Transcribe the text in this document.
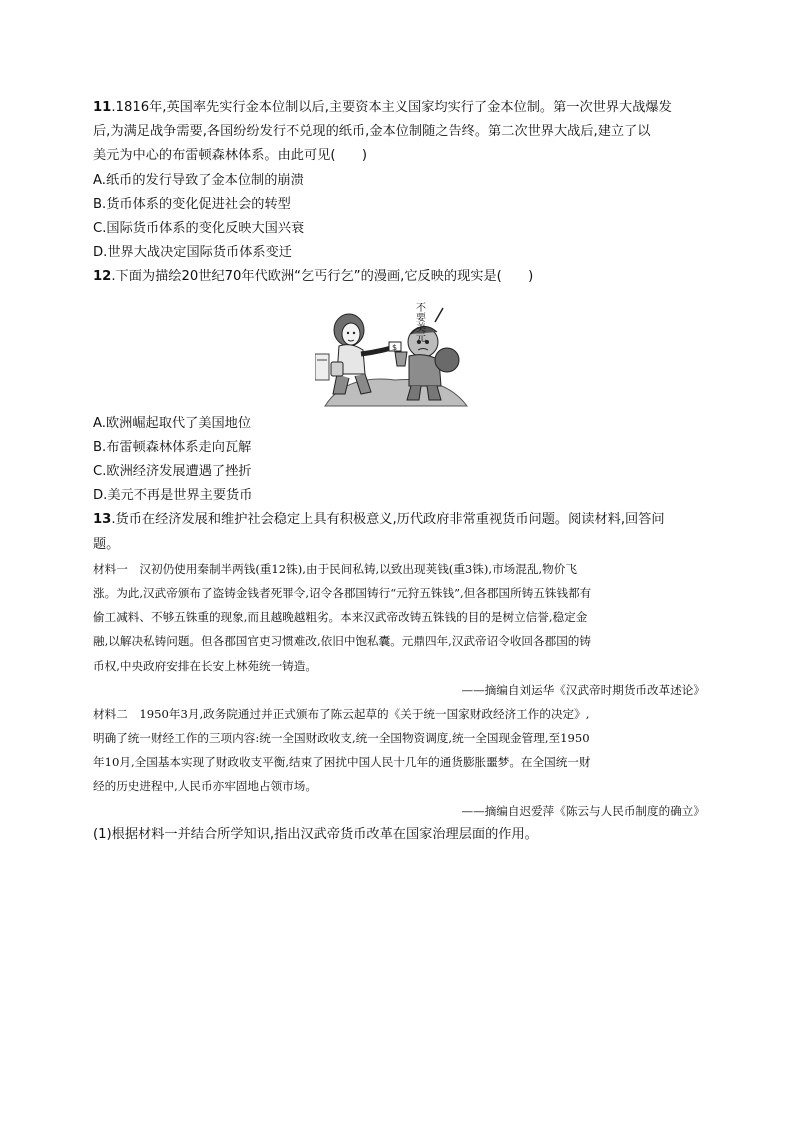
11.1816年,英国率先实行金本位制以后,主要资本主义国家均实行了金本位制。第一次世界大战爆发
后,为满足战争需要,各国纷纷发行不兑现的纸币,金本位制随之告终。第二次世界大战后,建立了以
美元为中心的布雷顿森林体系。由此可见(　　)
A.纸币的发行导致了金本位制的崩溃
B.货币体系的变化促进社会的转型
C.国际货币体系的变化反映大国兴衰
D.世界大战决定国际货币体系变迁
12.下面为描绘20世纪70年代欧洲“乞丐行乞”的漫画,它反映的现实是(　　)
$
不要美元
A.欧洲崛起取代了美国地位
B.布雷顿森林体系走向瓦解
C.欧洲经济发展遭遇了挫折
D.美元不再是世界主要货币
13.货币在经济发展和维护社会稳定上具有积极意义,历代政府非常重视货币问题。阅读材料,回答问
题。
材料一　汉初仍使用秦制半两钱(重12铢),由于民间私铸,以致出现荚钱(重3铢),市场混乱,物价飞
涨。为此,汉武帝颁布了盗铸金钱者死罪令,诏令各郡国铸行“元狩五铢钱”,但各郡国所铸五铢钱都有
偷工减料、不够五铢重的现象,而且越晚越粗劣。本来汉武帝改铸五铢钱的目的是树立信誉,稳定金
融,以解决私铸问题。但各郡国官吏习惯难改,依旧中饱私囊。元鼎四年,汉武帝诏令收回各郡国的铸
币权,中央政府安排在长安上林苑统一铸造。
——摘编自刘运华《汉武帝时期货币改革述论》
材料二　1950年3月,政务院通过并正式颁布了陈云起草的《关于统一国家财政经济工作的决定》,
明确了统一财经工作的三项内容:统一全国财政收支,统一全国物资调度,统一全国现金管理,至1950
年10月,全国基本实现了财政收支平衡,结束了困扰中国人民十几年的通货膨胀噩梦。在全国统一财
经的历史进程中,人民币亦牢固地占领市场。
——摘编自迟爱萍《陈云与人民币制度的确立》
(1)根据材料一并结合所学知识,指出汉武帝货币改革在国家治理层面的作用。
